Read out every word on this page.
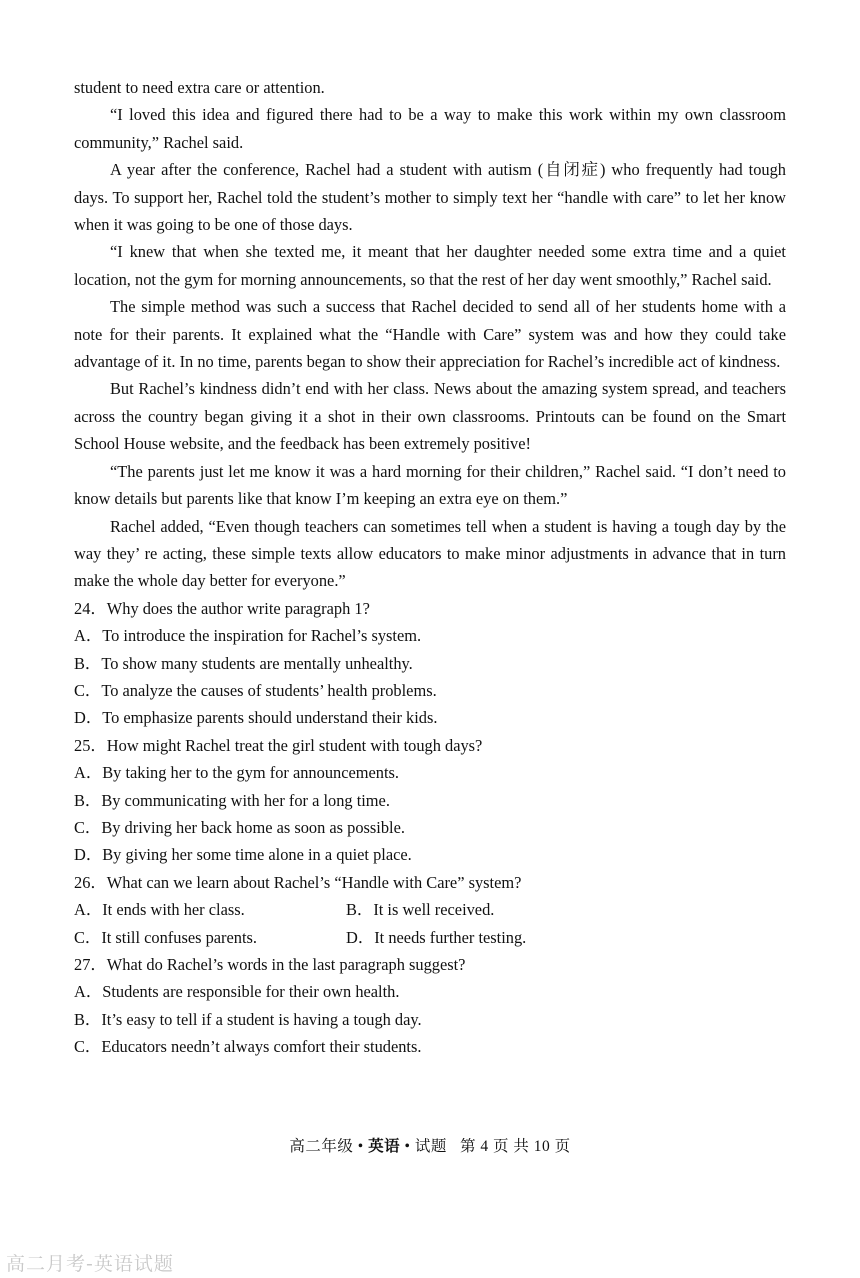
student to need extra care or attention.

“I loved this idea and figured there had to be a way to make this work within my own classroom community,” Rachel said.

A year after the conference, Rachel had a student with autism (自闭症) who frequently had tough days. To support her, Rachel told the student’s mother to simply text her “handle with care” to let her know when it was going to be one of those days.

“I knew that when she texted me, it meant that her daughter needed some extra time and a quiet location, not the gym for morning announcements, so that the rest of her day went smoothly,” Rachel said.

The simple method was such a success that Rachel decided to send all of her students home with a note for their parents. It explained what the “Handle with Care” system was and how they could take advantage of it. In no time, parents began to show their appreciation for Rachel’s incredible act of kindness.

But Rachel’s kindness didn’t end with her class. News about the amazing system spread, and teachers across the country began giving it a shot in their own classrooms. Printouts can be found on the Smart School House website, and the feedback has been extremely positive!

“The parents just let me know it was a hard morning for their children,” Rachel said. “I don’t need to know details but parents like that know I’m keeping an extra eye on them.”

Rachel added, “Even though teachers can sometimes tell when a student is having a tough day by the way they’ re acting, these simple texts allow educators to make minor adjustments in advance that in turn make the whole day better for everyone.”

24．Why does the author write paragraph 1?

A．To introduce the inspiration for Rachel’s system.

B．To show many students are mentally unhealthy.

C．To analyze the causes of students’ health problems.

D．To emphasize parents should understand their kids.

25．How might Rachel treat the girl student with tough days?

A．By taking her to the gym for announcements.

B．By communicating with her for a long time.

C．By driving her back home as soon as possible.

D．By giving her some time alone in a quiet place.

26．What can we learn about Rachel’s “Handle with Care” system?

A．It ends with her class.	B．It is well received.
C．It still confuses parents.	D．It needs further testing.

27．What do Rachel’s words in the last paragraph suggest?

A．Students are responsible for their own health.

B．It’s easy to tell if a student is having a tough day.

C．Educators needn’t always comfort their students.

高二年级 • 英语 • 试题 第 4 页 共 10 页
高二月考-英语试题
